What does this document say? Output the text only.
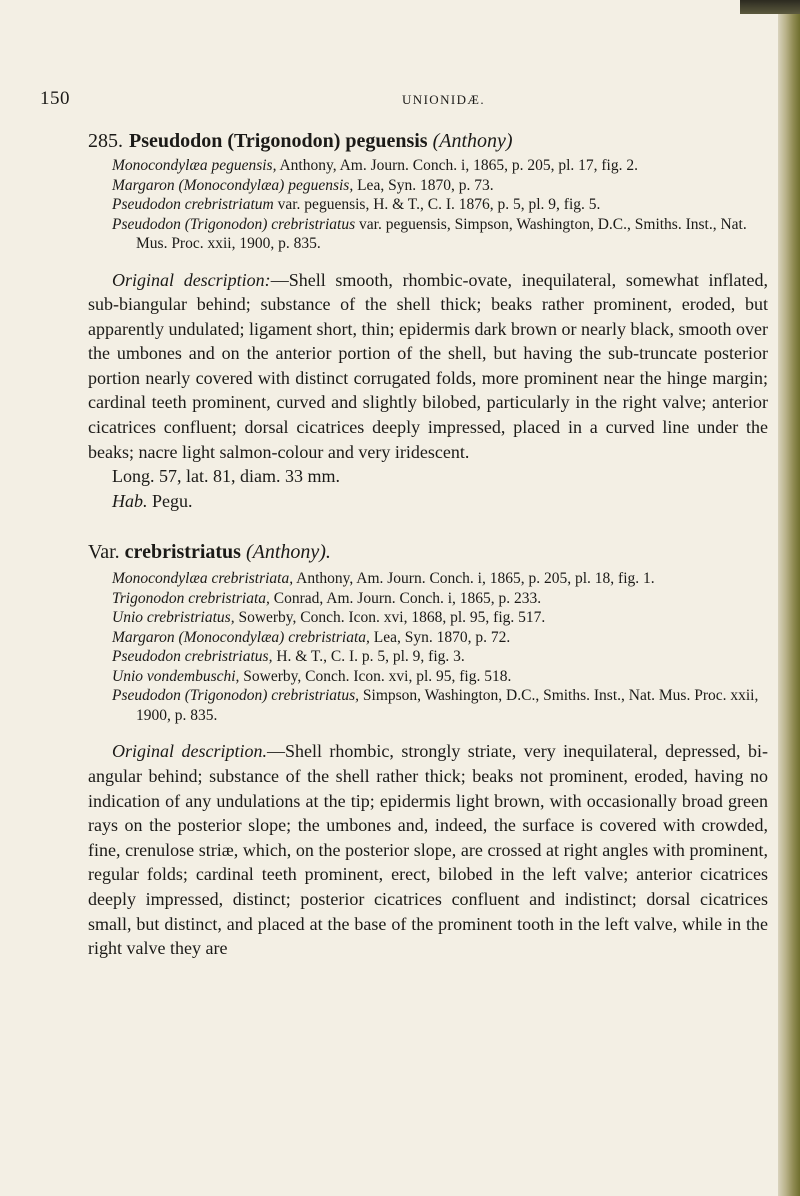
150	UNIONIDÆ.
285. Pseudodon (Trigonodon) peguensis (Anthony)

Monocondylæa peguensis, Anthony, Am. Journ. Conch. i, 1865, p. 205, pl. 17, fig. 2.

Margaron (Monocondylæa) peguensis, Lea, Syn. 1870, p. 73.

Pseudodon crebristriatum var. peguensis, H. & T., C. I. 1876, p. 5, pl. 9, fig. 5.

Pseudodon (Trigonodon) crebristriatus var. peguensis, Simpson, Washington, D.C., Smiths. Inst., Nat. Mus. Proc. xxii, 1900, p. 835.

Original description:—Shell smooth, rhombic-ovate, inequilateral, somewhat inflated, sub-biangular behind; substance of the shell thick; beaks rather prominent, eroded, but apparently undulated; ligament short, thin; epidermis dark brown or nearly black, smooth over the umbones and on the anterior portion of the shell, but having the sub-truncate posterior portion nearly covered with distinct corrugated folds, more prominent near the hinge margin; cardinal teeth prominent, curved and slightly bilobed, particularly in the right valve; anterior cicatrices confluent; dorsal cicatrices deeply impressed, placed in a curved line under the beaks; nacre light salmon-colour and very iridescent.

Long. 57, lat. 81, diam. 33 mm.

Hab. Pegu.

Var. crebristriatus (Anthony).

Monocondylæa crebristriata, Anthony, Am. Journ. Conch. i, 1865, p. 205, pl. 18, fig. 1.

Trigonodon crebristriata, Conrad, Am. Journ. Conch. i, 1865, p. 233.

Unio crebristriatus, Sowerby, Conch. Icon. xvi, 1868, pl. 95, fig. 517.

Margaron (Monocondylæa) crebristriata, Lea, Syn. 1870, p. 72.

Pseudodon crebristriatus, H. & T., C. I. p. 5, pl. 9, fig. 3.

Unio vondembuschi, Sowerby, Conch. Icon. xvi, pl. 95, fig. 518.

Pseudodon (Trigonodon) crebristriatus, Simpson, Washington, D.C., Smiths. Inst., Nat. Mus. Proc. xxii, 1900, p. 835.

Original description.—Shell rhombic, strongly striate, very inequilateral, depressed, bi-angular behind; substance of the shell rather thick; beaks not prominent, eroded, having no indication of any undulations at the tip; epidermis light brown, with occasionally broad green rays on the posterior slope; the umbones and, indeed, the surface is covered with crowded, fine, crenulose striæ, which, on the posterior slope, are crossed at right angles with prominent, regular folds; cardinal teeth prominent, erect, bilobed in the left valve; anterior cicatrices deeply impressed, distinct; posterior cicatrices confluent and indistinct; dorsal cicatrices small, but distinct, and placed at the base of the prominent tooth in the left valve, while in the right valve they are
